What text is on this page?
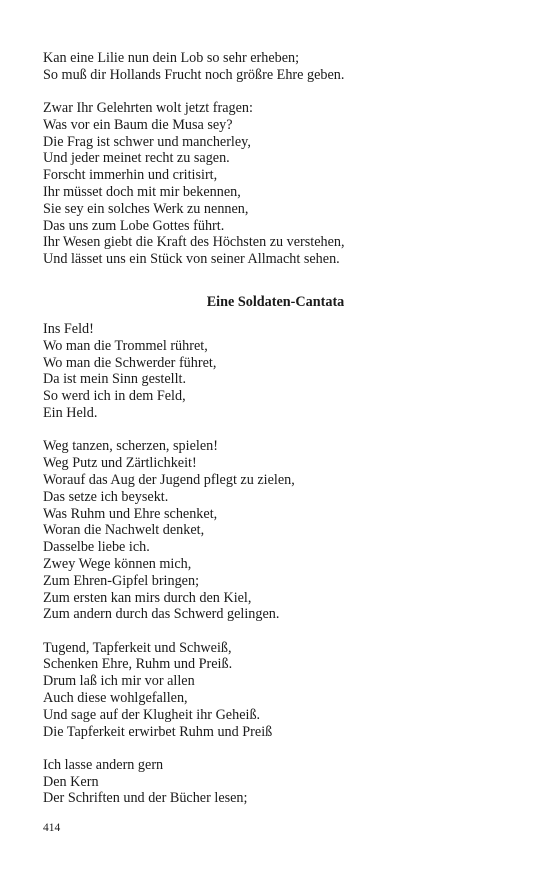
Kan eine Lilie nun dein Lob so sehr erheben;
So muß dir Hollands Frucht noch größre Ehre geben.
Zwar Ihr Gelehrten wolt jetzt fragen:
Was vor ein Baum die Musa sey?
Die Frag ist schwer und mancherley,
Und jeder meinet recht zu sagen.
Forscht immerhin und critisirt,
Ihr müsset doch mit mir bekennen,
Sie sey ein solches Werk zu nennen,
Das uns zum Lobe Gottes führt.
Ihr Wesen giebt die Kraft des Höchsten zu verstehen,
Und lässet uns ein Stück von seiner Allmacht sehen.
Eine Soldaten-Cantata
Ins Feld!
Wo man die Trommel rühret,
Wo man die Schwerder führet,
Da ist mein Sinn gestellt.
So werd ich in dem Feld,
Ein Held.
Weg tanzen, scherzen, spielen!
Weg Putz und Zärtlichkeit!
Worauf das Aug der Jugend pflegt zu zielen,
Das setze ich beysekt.
Was Ruhm und Ehre schenket,
Woran die Nachwelt denket,
Dasselbe liebe ich.
Zwey Wege können mich,
Zum Ehren-Gipfel bringen;
Zum ersten kan mirs durch den Kiel,
Zum andern durch das Schwerd gelingen.
Tugend, Tapferkeit und Schweiß,
Schenken Ehre, Ruhm und Preiß.
Drum laß ich mir vor allen
Auch diese wohlgefallen,
Und sage auf der Klugheit ihr Geheiß.
Die Tapferkeit erwirbet Ruhm und Preiß
Ich lasse andern gern
Den Kern
Der Schriften und der Bücher lesen;
414
